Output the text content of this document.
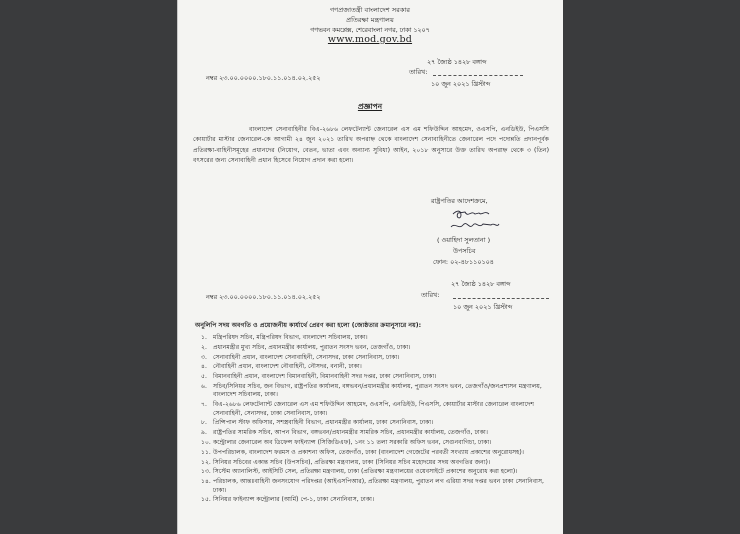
গণপ্রজাতন্ত্রী বাংলাদেশ সরকার
প্রতিরক্ষা মন্ত্রণালয়
গণভবন কমপ্লেক্স, শেরেবাংলা নগর, ঢাকা ১২০৭
www.mod.gov.bd
২৭ জ্যৈষ্ঠ ১৪২৮ বঙ্গাব্দ
তারিখ:
১০ জুন ২০২১ খ্রিস্টাব্দ
নম্বর ২৩.০০.০০০০.১৮০.১১.০১৪.০২.২৫২
প্রজ্ঞাপন
বাংলাদেশ সেনাবাহিনীর বিএ-২৬৮৬ লেফটেন্যান্ট জেনারেল এস এম শফিউদ্দিন আহমেদ, ওএসপি, এনডিইউ, পিএসসি কোয়ার্টার মাস্টার জেনারেল-কে আগামী ২৪ জুন ২০২১ তারিখ অপরাহ্ন থেকে বাংলাদেশ সেনাবাহিনীতে জেনারেল পদে পদোন্নতি প্রদানপূর্বক প্রতিরক্ষা-বাহিনীসমূহের প্রধানদের (নিয়োগ, বেতন, ভাতা এবং অন্যান্য সুবিধা) আইন, ২০১৮ অনুসারে উক্ত তারিখ অপরাহ্ন থেকে ৩ (তিন) বৎসরের জন্য সেনাবাহিনী প্রধান হিসেবে নিয়োগ প্রদান করা হলো।
রাষ্ট্রপতির আদেশক্রমে,
( ওয়াহিদা সুলতানা )
উপসচিব
ফোন: ০২-৪৮১১০১০৪
২৭ জ্যৈষ্ঠ ১৪২৮ বঙ্গাব্দ
তারিখ:
১০ জুন ২০২১ খ্রিস্টাব্দ
নম্বর ২৩.০০.০০০০.১৮০.১১.০১৪.০২.২৫২
অনুলিপি সদয় অবগতি ও প্রয়োজনীয় কার্যার্থে প্রেরণ করা হলো (জ্যেষ্ঠতার ক্রমানুসারে নয়):
১. মন্ত্রিপরিষদ সচিব, মন্ত্রিপরিষদ বিভাগ, বাংলাদেশ সচিবালয়, ঢাকা।
২. প্রধানমন্ত্রীর মুখ্য সচিব, প্রধানমন্ত্রীর কার্যালয়, পুরাতন সংসদ ভবন, তেজগাঁও, ঢাকা।
৩. সেনাবাহিনী প্রধান, বাংলাদেশ সেনাবাহিনী, সেনাসদর, ঢাকা সেনানিবাস, ঢাকা।
৪. নৌবাহিনী প্রধান, বাংলাদেশ নৌবাহিনী, নৌসদর, বনানী, ঢাকা।
৫. বিমানবাহিনী প্রধান, বাংলাদেশ বিমানবাহিনী, বিমানবাহিনী সদর দপ্তর, ঢাকা সেনানিবাস, ঢাকা।
৬. সচিব/সিনিয়র সচিব, জন বিভাগ, রাষ্ট্রপতির কার্যালয়, বঙ্গভবন/প্রধানমন্ত্রীর কার্যালয়, পুরাতন সংসদ ভবন, তেজগাঁও/জনপ্রশাসন মন্ত্রণালয়, বাংলাদেশ সচিবালয়, ঢাকা।
৭. বিএ-২৬৮৬ লেফটেন্যান্ট জেনারেল এস এম শফিউদ্দিন আহমেদ, ওএসপি, এনডিইউ, পিএসসি, কোয়ার্টার মাস্টার জেনারেল বাংলাদেশ সেনাবাহিনী, সেনাসদর, ঢাকা সেনানিবাস, ঢাকা।
৮. প্রিন্সিপাল স্টাফ অফিসার, সশস্ত্রবাহিনী বিভাগ, প্রধানমন্ত্রীর কার্যালয়, ঢাকা সেনানিবাস, ঢাকা।
৯. রাষ্ট্রপতির সামরিক সচিব, আপন বিভাগ, বঙ্গভবন/প্রধানমন্ত্রীর সামরিক সচিব, প্রধানমন্ত্রীর কার্যালয়, তেজগাঁও, ঢাকা।
১০. কন্ট্রোলার জেনারেল অব ডিফেন্স ফাইন্যান্স (সিজিডিএফ), ১নং ১১ তলা সরকারি অফিস ভবন, সেগুনবাগিচা, ঢাকা।
১১. উপপরিচালক, বাংলাদেশ ফরমস ও প্রকাশনা অফিস, তেজগাঁও, ঢাকা (বাংলাদেশ গেজেটের পরবর্তী সংখ্যায় প্রকাশের অনুরোধসহ)।
১২. সিনিয়র সচিবের একান্ত সচিব (উপসচিব), প্রতিরক্ষা মন্ত্রণালয়, ঢাকা (সিনিয়র সচিব মহোদয়ের সদয় অবগতির জন্য)।
১৩. সিস্টেম অ্যানালিস্ট, আইসিটি সেল, প্রতিরক্ষা মন্ত্রণালয়, ঢাকা (প্রতিরক্ষা মন্ত্রণালয়ের ওয়েবসাইটে প্রকাশের অনুরোধ করা হলো)।
১৪. পরিচালক, আন্তঃবাহিনী জনসংযোগ পরিদপ্তর (আইএসপিআর), প্রতিরক্ষা মন্ত্রণালয়, পুরাতন লগ এরিয়া সদর দপ্তর ভবন ঢাকা সেনানিবাস, ঢাকা।
১৫. সিনিয়র ফাইন্যান্স কন্ট্রোলার (আর্মি) পে-১, ঢাকা সেনানিবাস, ঢাকা।
